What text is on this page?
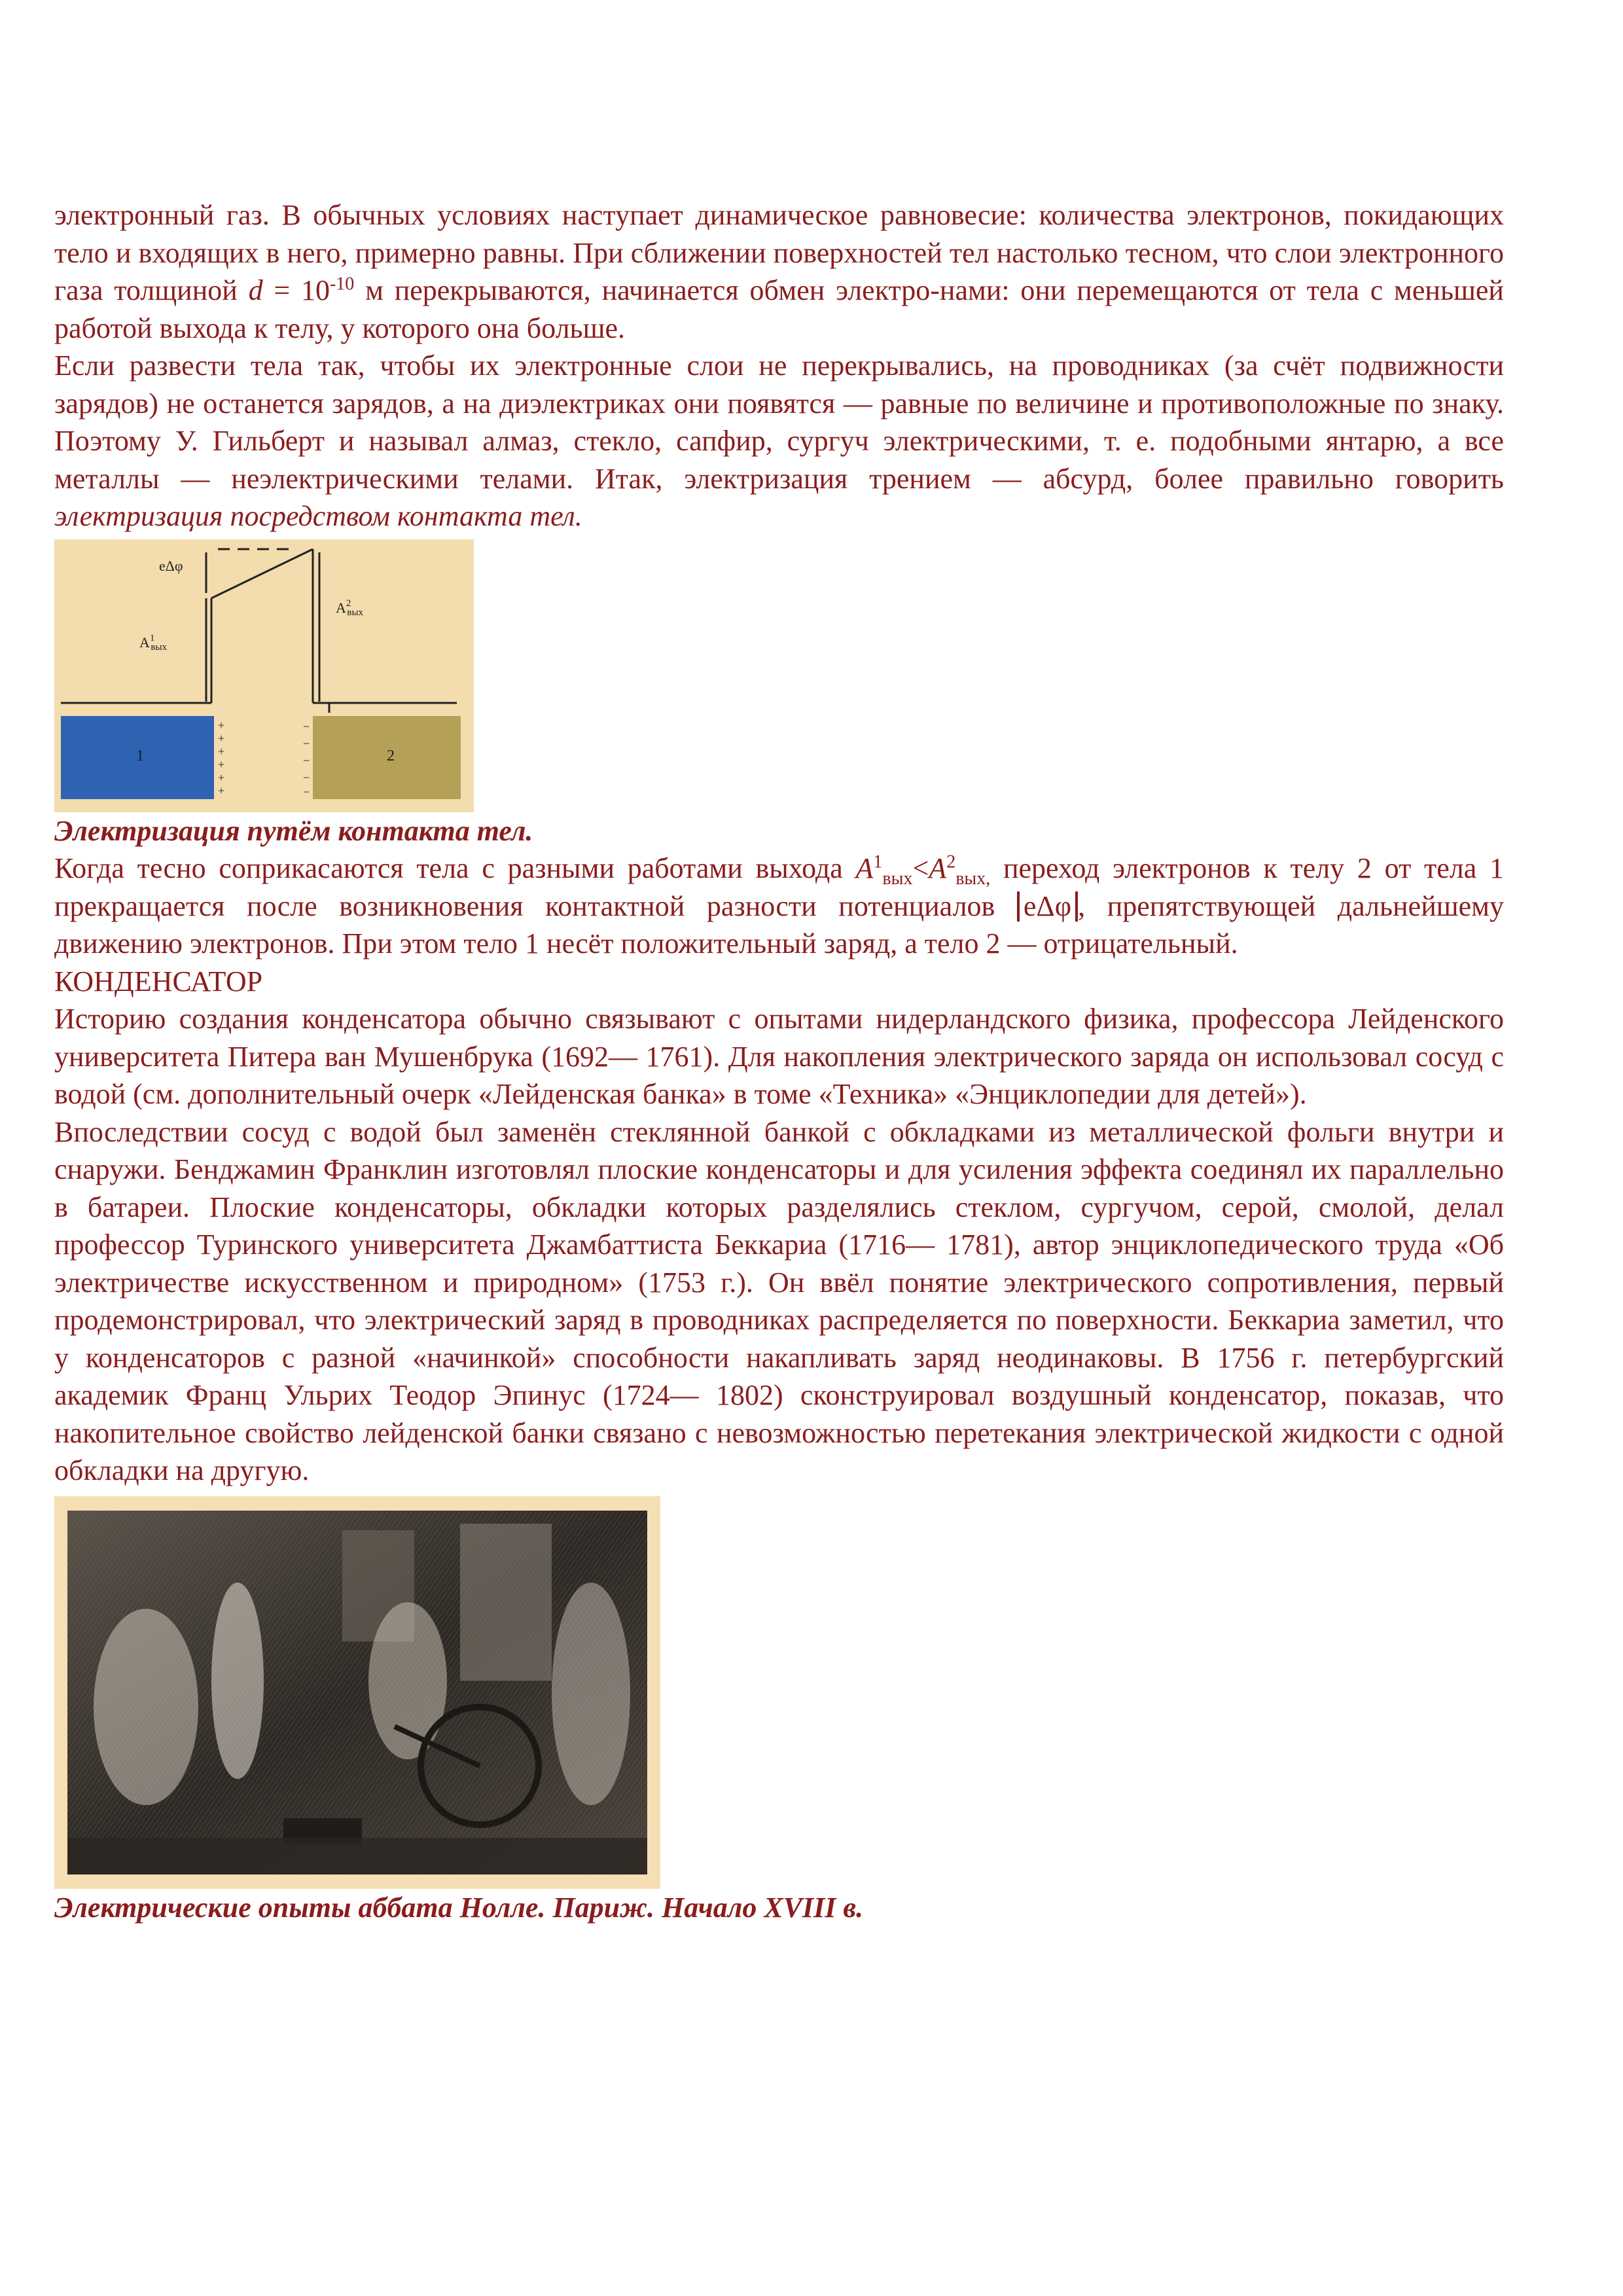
электронный газ. В обычных условиях наступает динамическое равновесие: количества электронов, покидающих тело и входящих в него, примерно равны. При сближении поверхностей тел настолько тесном, что слои электронного газа толщиной $d = 10^{-10}$ м перекрываются, начинается обмен электро-нами: они перемещаются от тела с меньшей работой выхода к телу, у которого она больше.

Если развести тела так, чтобы их электронные слои не перекрывались, на проводниках (за счёт подвижности зарядов) не останется зарядов, а на диэлектриках они появятся — равные по величине и противоположные по знаку. Поэтому У. Гильберт и называл алмаз, стекло, сапфир, сургуч электрическими, т. е. подобными янтарю, а все металлы — неэлектрическими телами. Итак, электризация трением — абсурд, более правильно говорить электризация посредством контакта тел.

eΔφ
$A^1$ вых
$A^2$ вых
1	2
+
+
+
+
+
+
−
−
−
−
−

Электризация путём контакта тел.

Когда тесно соприкасаются тела с разными работами выхода $A^1_{вых}<A^2_{вых,}$ переход электронов к телу 2 от тела 1 прекращается после возникновения контактной разности потенциалов eΔφ , препятствующей дальнейшему движению электронов. При этом тело 1 несёт положительный заряд, а тело 2 — отрицательный.

КОНДЕНСАТОР

Историю создания конденсатора обычно связывают с опытами нидерландского физика, профессора Лейденского университета Питера ван Мушенбрука (1692— 1761). Для накопления электрического заряда он использовал сосуд с водой (см. дополнительный очерк «Лейденская банка» в томе «Техника» «Энциклопедии для детей»).

Впоследствии сосуд с водой был заменён стеклянной банкой с обкладками из металлической фольги внутри и снаружи. Бенджамин Франклин изготовлял плоские конденсаторы и для усиления эффекта соединял их параллельно в батареи. Плоские конденсаторы, обкладки которых разделялись стеклом, сургучом, серой, смолой, делал профессор Туринского университета Джамбаттиста Беккариа (1716— 1781), автор энциклопедического труда «Об электричестве искусственном и природном» (1753 г.). Он ввёл понятие электрического сопротивления, первый продемонстрировал, что электрический заряд в проводниках распределяется по поверхности. Беккариа заметил, что у конденсаторов с разной «начинкой» способности накапливать заряд неодинаковы. В 1756 г. петербургский академик Франц Ульрих Теодор Эпинус (1724— 1802) сконструировал воздушный конденсатор, показав, что накопительное свойство лейденской банки связано с невозможностью перетекания электрической жидкости с одной обкладки на другую.

Электрические опыты аббата Нолле. Париж. Начало XVIII в.
